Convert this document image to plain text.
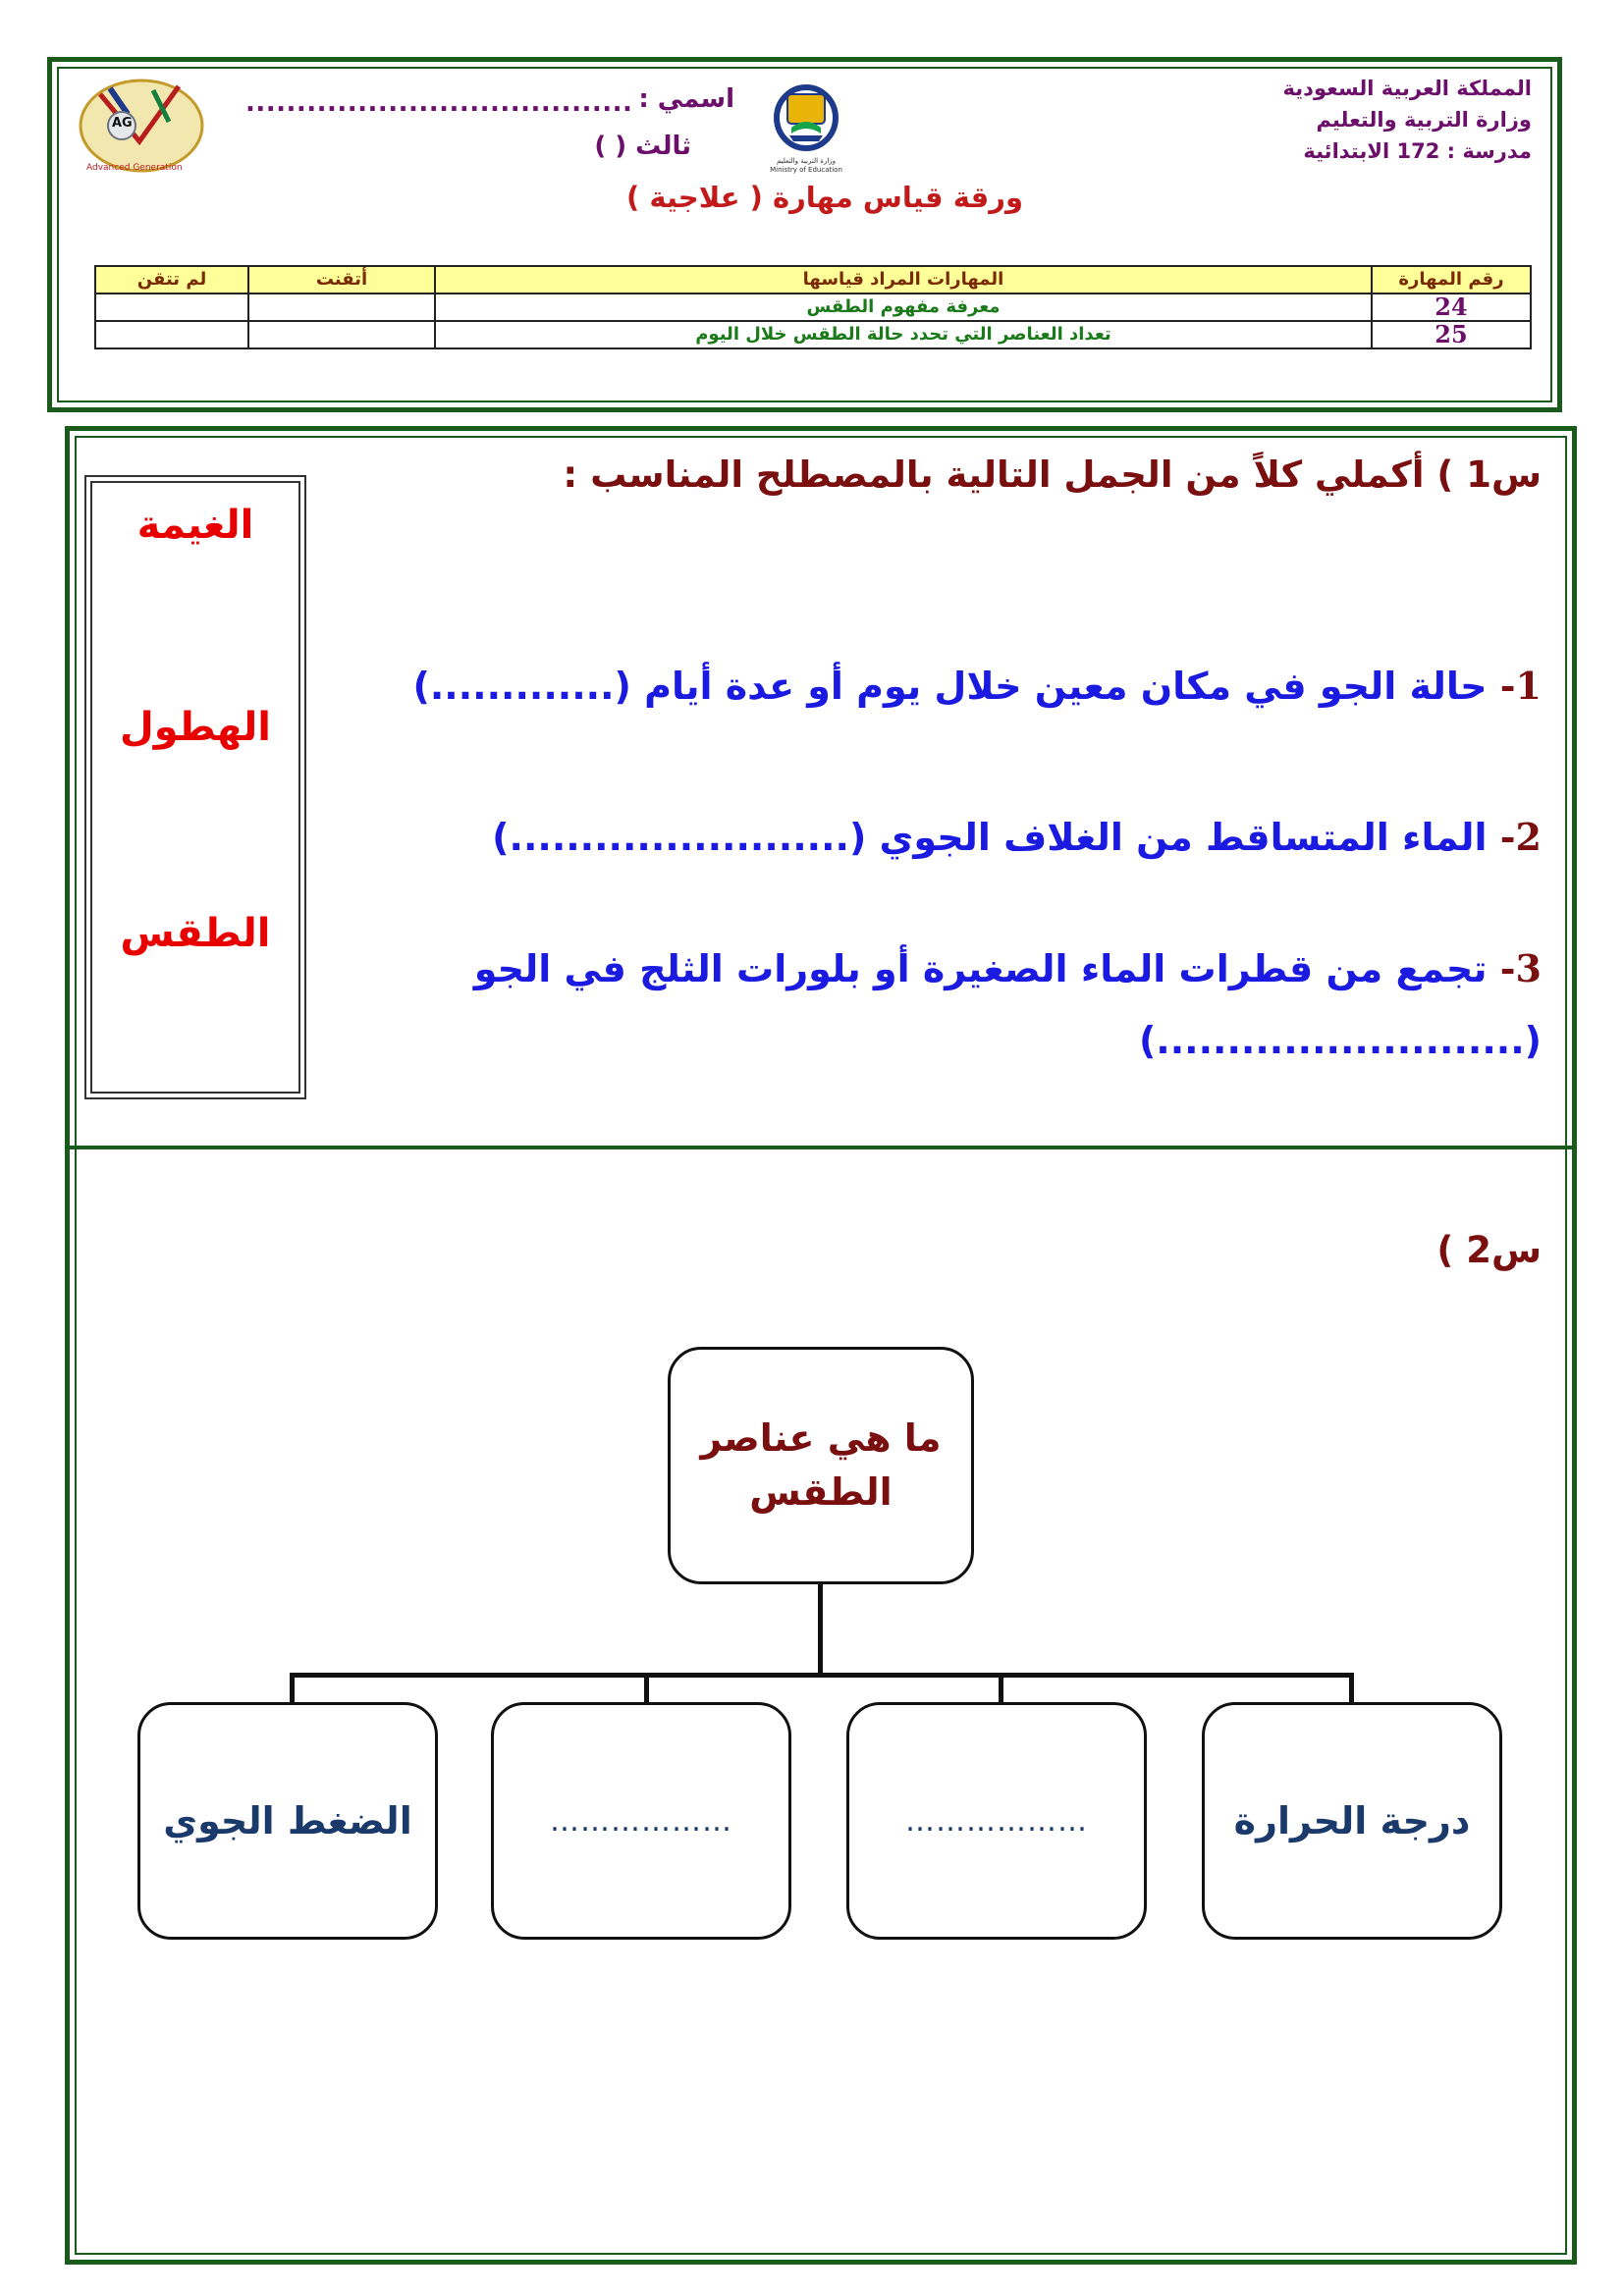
المملكة العربية السعودية
وزارة التربية والتعليم
مدرسة : 172 الابتدائية
وزارة التربية والتعليم
Ministry of Education
AG
Advanced Generation
اسمي :
......................................
ثالث ( )
ورقة قياس مهارة ( علاجية )
رقم المهارة	المهارات المراد قياسها	أتقنت	لم تتقن
24	معرفة مفهوم الطقس		
25	تعداد العناصر التي تحدد حالة الطقس خلال اليوم		
س1 ) أكملي كلاً من الجمل التالية بالمصطلح المناسب :
1- حالة الجو في مكان معين خلال يوم أو عدة أيام (.............)
2- الماء المتساقط من الغلاف الجوي (........................)
3- تجمع من قطرات الماء الصغيرة أو بلورات الثلج في الجو
(..........................)
الغيمة
الهطول
الطقس
س2 )
ما هي عناصر الطقس
درجة الحرارة
………………
………………
الضغط الجوي
